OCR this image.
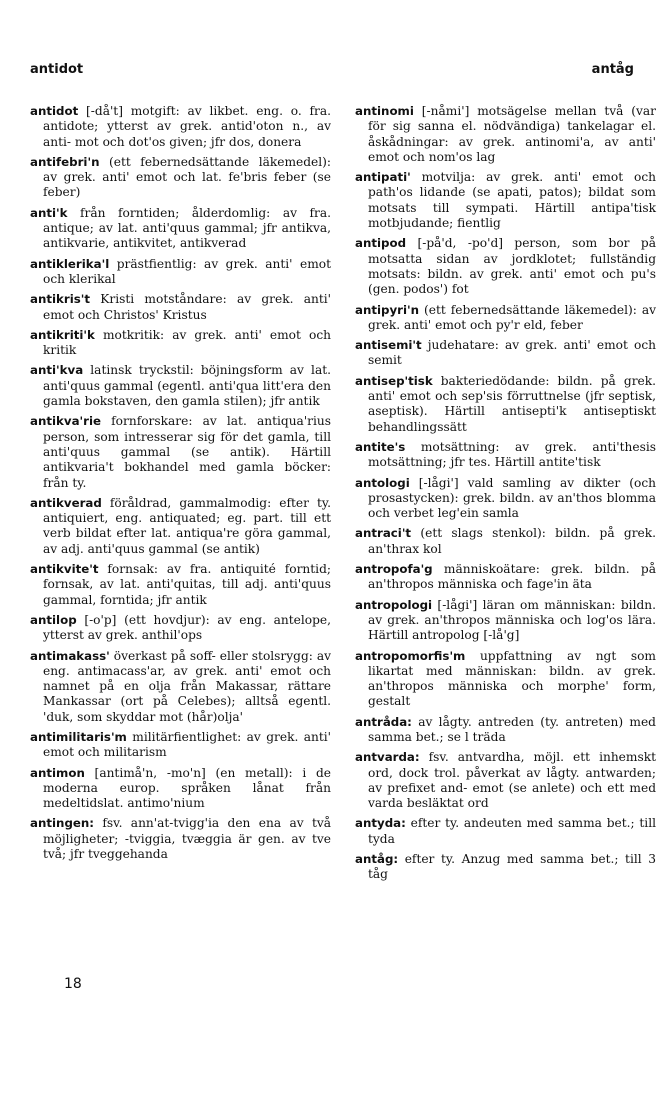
antidot	antåg
antidot [-då't] motgift: av likbet. eng. o. fra. antidote; ytterst av grek. antid'oton n., av anti- mot och dot'os given; jfr dos, donera
antifebri'n (ett febernedsättande läkemedel): av grek. anti' emot och lat. fe'bris feber (se feber)
anti'k från forntiden; ålderdomlig: av fra. antique; av lat. anti'quus gammal; jfr antikva, antikvarie, antikvitet, antikverad
antiklerika'l prästfientlig: av grek. anti' emot och klerikal
antikris't Kristi motståndare: av grek. anti' emot och Christos' Kristus
antikriti'k motkritik: av grek. anti' emot och kritik
anti'kva latinsk tryckstil: böjningsform av lat. anti'quus gammal (egentl. anti'qua litt'era den gamla bokstaven, den gamla stilen); jfr antik
antikva'rie fornforskare: av lat. antiqua'rius person, som intresserar sig för det gamla, till anti'quus gammal (se antik). Härtill antikvaria't bokhandel med gamla böcker: från ty.
antikverad föråldrad, gammalmodig: efter ty. antiquiert, eng. antiquated; eg. part. till ett verb bildat efter lat. antiqua're göra gammal, av adj. anti'quus gammal (se antik)
antikvite't fornsak: av fra. antiquité forntid; fornsak, av lat. anti'quitas, till adj. anti'quus gammal, forntida; jfr antik
antilop [-o'p] (ett hovdjur): av eng. antelope, ytterst av grek. anthil'ops
antimakass' överkast på soff- eller stolsrygg: av eng. antimacass'ar, av grek. anti' emot och namnet på en olja från Makassar, rättare Mankassar (ort på Celebes); alltså egentl. 'duk, som skyddar mot (hår)olja'
antimilitaris'm militärfientlighet: av grek. anti' emot och militarism
antimon [antimå'n, -mo'n] (en metall): i de moderna europ. språken lånat från medeltidslat. antimo'nium
antingen: fsv. ann'at-tvigg'ia den ena av två möjligheter; -tviggia, tvæggia är gen. av tve två; jfr tveggehanda
antinomi [-nåmi'] motsägelse mellan två (var för sig sanna el. nödvändiga) tankelagar el. åskådningar: av grek. antinomi'a, av anti' emot och nom'os lag
antipati' motvilja: av grek. anti' emot och path'os lidande (se apati, patos); bildat som motsats till sympati. Härtill antipa'tisk motbjudande; fientlig
antipod [-på'd, -po'd] person, som bor på motsatta sidan av jordklotet; fullständig motsats: bildn. av grek. anti' emot och pu's (gen. podos') fot
antipyri'n (ett febernedsättande läkemedel): av grek. anti' emot och py'r eld, feber
antisemi't judehatare: av grek. anti' emot och semit
antisep'tisk bakteriedödande: bildn. på grek. anti' emot och sep'sis förruttnelse (jfr septisk, aseptisk). Härtill antisepti'k antiseptiskt behandlingssätt
antite's motsättning: av grek. anti'thesis motsättning; jfr tes. Härtill antite'tisk
antologi [-lågi'] vald samling av dikter (och prosastycken): grek. bildn. av an'thos blomma och verbet leg'ein samla
antraci't (ett slags stenkol): bildn. på grek. an'thrax kol
antropofa'g människoätare: grek. bildn. på an'thropos människa och fage'in äta
antropologi [-lågi'] läran om människan: bildn. av grek. an'thropos människa och log'os lära. Härtill antropolog [-lå'g]
antropomorfis'm uppfattning av ngt som likartat med människan: bildn. av grek. an'thropos människa och morphe' form, gestalt
antråda: av lågty. antreden (ty. antreten) med samma bet.; se l träda
antvarda: fsv. antvardha, möjl. ett inhemskt ord, dock trol. påverkat av lågty. antwarden; av prefixet and- emot (se anlete) och ett med varda besläktat ord
antyda: efter ty. andeuten med samma bet.; till tyda
antåg: efter ty. Anzug med samma bet.; till 3 tåg
18
